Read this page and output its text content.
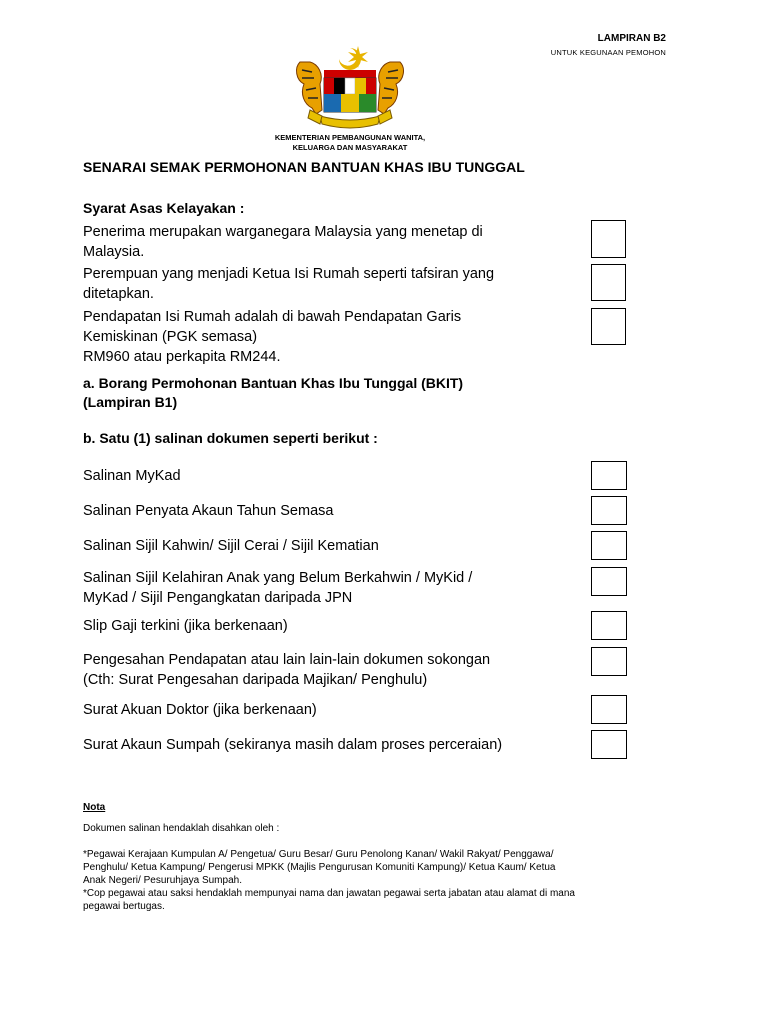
LAMPIRAN B2
UNTUK KEGUNAAN PEMOHON
KEMENTERIAN PEMBANGUNAN WANITA,
KELUARGA DAN MASYARAKAT
SENARAI SEMAK PERMOHONAN BANTUAN KHAS IBU TUNGGAL
Syarat Asas Kelayakan :
Penerima merupakan warganegara Malaysia yang menetap di
Malaysia.
Perempuan yang menjadi Ketua Isi Rumah seperti tafsiran yang
ditetapkan.
Pendapatan Isi Rumah adalah di bawah Pendapatan Garis
Kemiskinan (PGK semasa)
RM960 atau perkapita RM244.
a. Borang Permohonan Bantuan Khas Ibu Tunggal (BKIT)
(Lampiran B1)
b. Satu (1) salinan dokumen seperti berikut :
Salinan MyKad
Salinan Penyata Akaun Tahun Semasa
Salinan Sijil Kahwin/ Sijil Cerai / Sijil Kematian
Salinan Sijil Kelahiran Anak yang Belum Berkahwin / MyKid /
MyKad / Sijil Pengangkatan daripada JPN
Slip Gaji terkini (jika berkenaan)
Pengesahan Pendapatan atau lain lain-lain dokumen sokongan
(Cth: Surat Pengesahan daripada Majikan/ Penghulu)
Surat Akuan Doktor (jika berkenaan)
Surat Akaun Sumpah (sekiranya masih dalam proses perceraian)
Nota
Dokumen salinan hendaklah disahkan oleh :
*Pegawai Kerajaan Kumpulan A/ Pengetua/ Guru Besar/ Guru Penolong Kanan/ Wakil Rakyat/ Penggawa/
Penghulu/ Ketua Kampung/ Pengerusi MPKK (Majlis Pengurusan Komuniti Kampung)/ Ketua Kaum/ Ketua
Anak Negeri/ Pesuruhjaya Sumpah.
*Cop pegawai atau saksi hendaklah mempunyai nama dan jawatan pegawai serta jabatan atau alamat di mana
pegawai bertugas.
